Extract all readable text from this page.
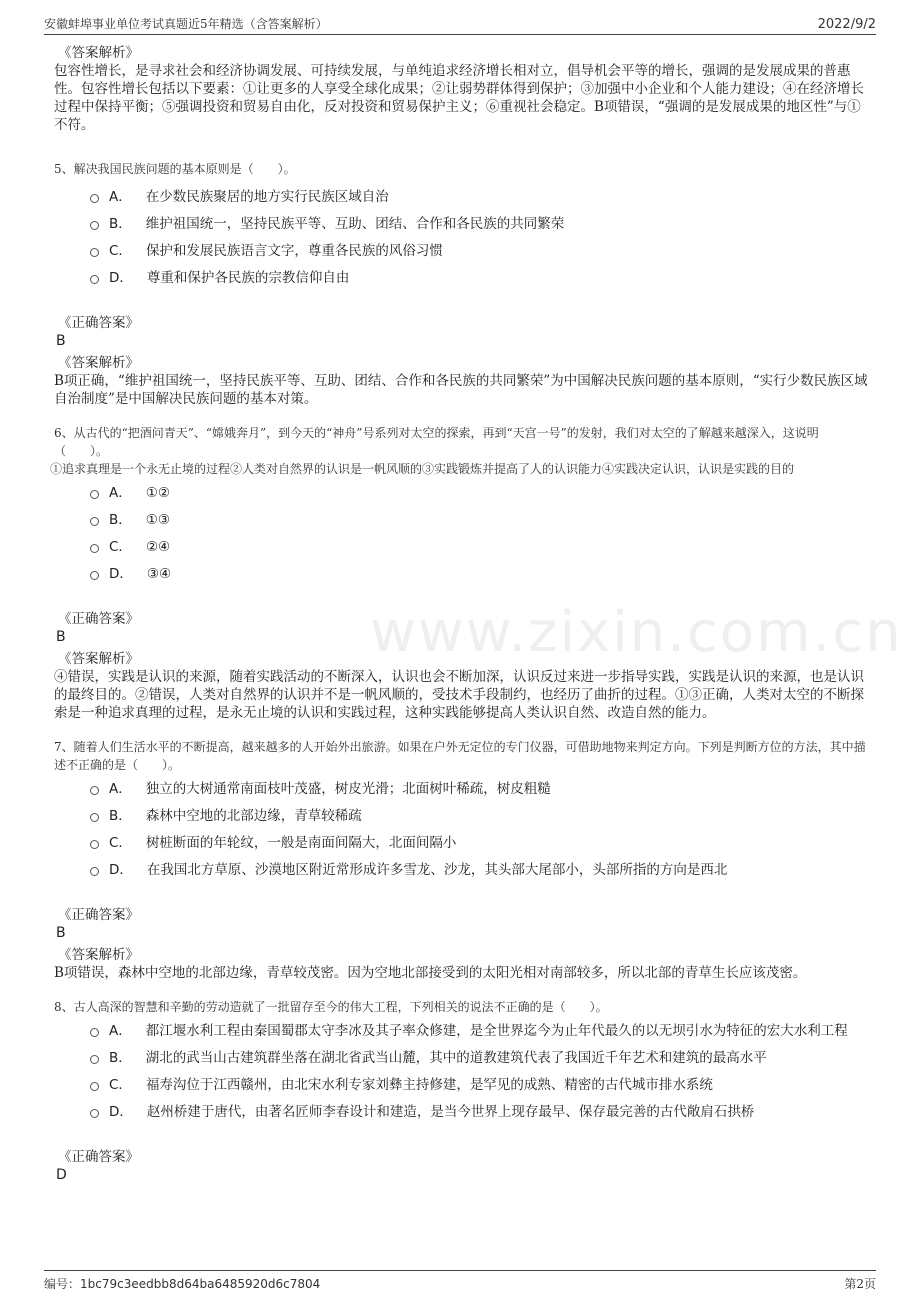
安徽蚌埠事业单位考试真题近5年精选（含答案解析）	2022/9/2
www.zixin.com.cn
《答案解析》

包容性增长，是寻求社会和经济协调发展、可持续发展，与单纯追求经济增长相对立，倡导机会平等的增长，强调的是发展成果的普惠性。包容性增长包括以下要素：①让更多的人享受全球化成果；②让弱势群体得到保护；③加强中小企业和个人能力建设；④在经济增长过程中保持平衡；⑤强调投资和贸易自由化，反对投资和贸易保护主义；⑥重视社会稳定。B项错误，“强调的是发展成果的地区性”与①不符。

5、解决我国民族问题的基本原则是（　　）。
A． 在少数民族聚居的地方实行民族区域自治
B． 维护祖国统一，坚持民族平等、互助、团结、合作和各民族的共同繁荣
C． 保护和发展民族语言文字，尊重各民族的风俗习惯
D． 尊重和保护各民族的宗教信仰自由
《正确答案》
B
《答案解析》

B项正确，“维护祖国统一，坚持民族平等、互助、团结、合作和各民族的共同繁荣”为中国解决民族问题的基本原则，“实行少数民族区域自治制度”是中国解决民族问题的基本对策。

6、从古代的“把酒问青天”、“嫦娥奔月”，到今天的“神舟”号系列对太空的探索，再到“天宫一号”的发射，我们对太空的了解越来越深入，这说明（　　）。
①追求真理是一个永无止境的过程②人类对自然界的认识是一帆风顺的③实践锻炼并提高了人的认识能力④实践决定认识，认识是实践的目的
A． ①②
B． ①③
C． ②④
D． ③④
《正确答案》
B
《答案解析》

④错误，实践是认识的来源，随着实践活动的不断深入，认识也会不断加深，认识反过来进一步指导实践，实践是认识的来源，也是认识的最终目的。②错误，人类对自然界的认识并不是一帆风顺的，受技术手段制约，也经历了曲折的过程。①③正确，人类对太空的不断探索是一种追求真理的过程，是永无止境的认识和实践过程，这种实践能够提高人类认识自然、改造自然的能力。

7、随着人们生活水平的不断提高，越来越多的人开始外出旅游。如果在户外无定位的专门仪器，可借助地物来判定方向。下列是判断方位的方法，其中描述不正确的是（　　）。
A． 独立的大树通常南面枝叶茂盛，树皮光滑；北面树叶稀疏，树皮粗糙
B． 森林中空地的北部边缘，青草较稀疏
C． 树桩断面的年轮纹，一般是南面间隔大，北面间隔小
D． 在我国北方草原、沙漠地区附近常形成许多雪龙、沙龙，其头部大尾部小，头部所指的方向是西北
《正确答案》
B
《答案解析》

B项错误，森林中空地的北部边缘，青草较茂密。因为空地北部接受到的太阳光相对南部较多，所以北部的青草生长应该茂密。

8、古人高深的智慧和辛勤的劳动造就了一批留存至今的伟大工程，下列相关的说法不正确的是（　　）。
A． 都江堰水利工程由秦国蜀郡太守李冰及其子率众修建，是全世界迄今为止年代最久的以无坝引水为特征的宏大水利工程
B． 湖北的武当山古建筑群坐落在湖北省武当山麓，其中的道教建筑代表了我国近千年艺术和建筑的最高水平
C． 福寿沟位于江西赣州，由北宋水利专家刘彝主持修建，是罕见的成熟、精密的古代城市排水系统
D． 赵州桥建于唐代，由著名匠师李春设计和建造，是当今世界上现存最早、保存最完善的古代敞肩石拱桥
《正确答案》
D
编号：1bc79c3eedbb8d64ba6485920d6c7804	第2页
